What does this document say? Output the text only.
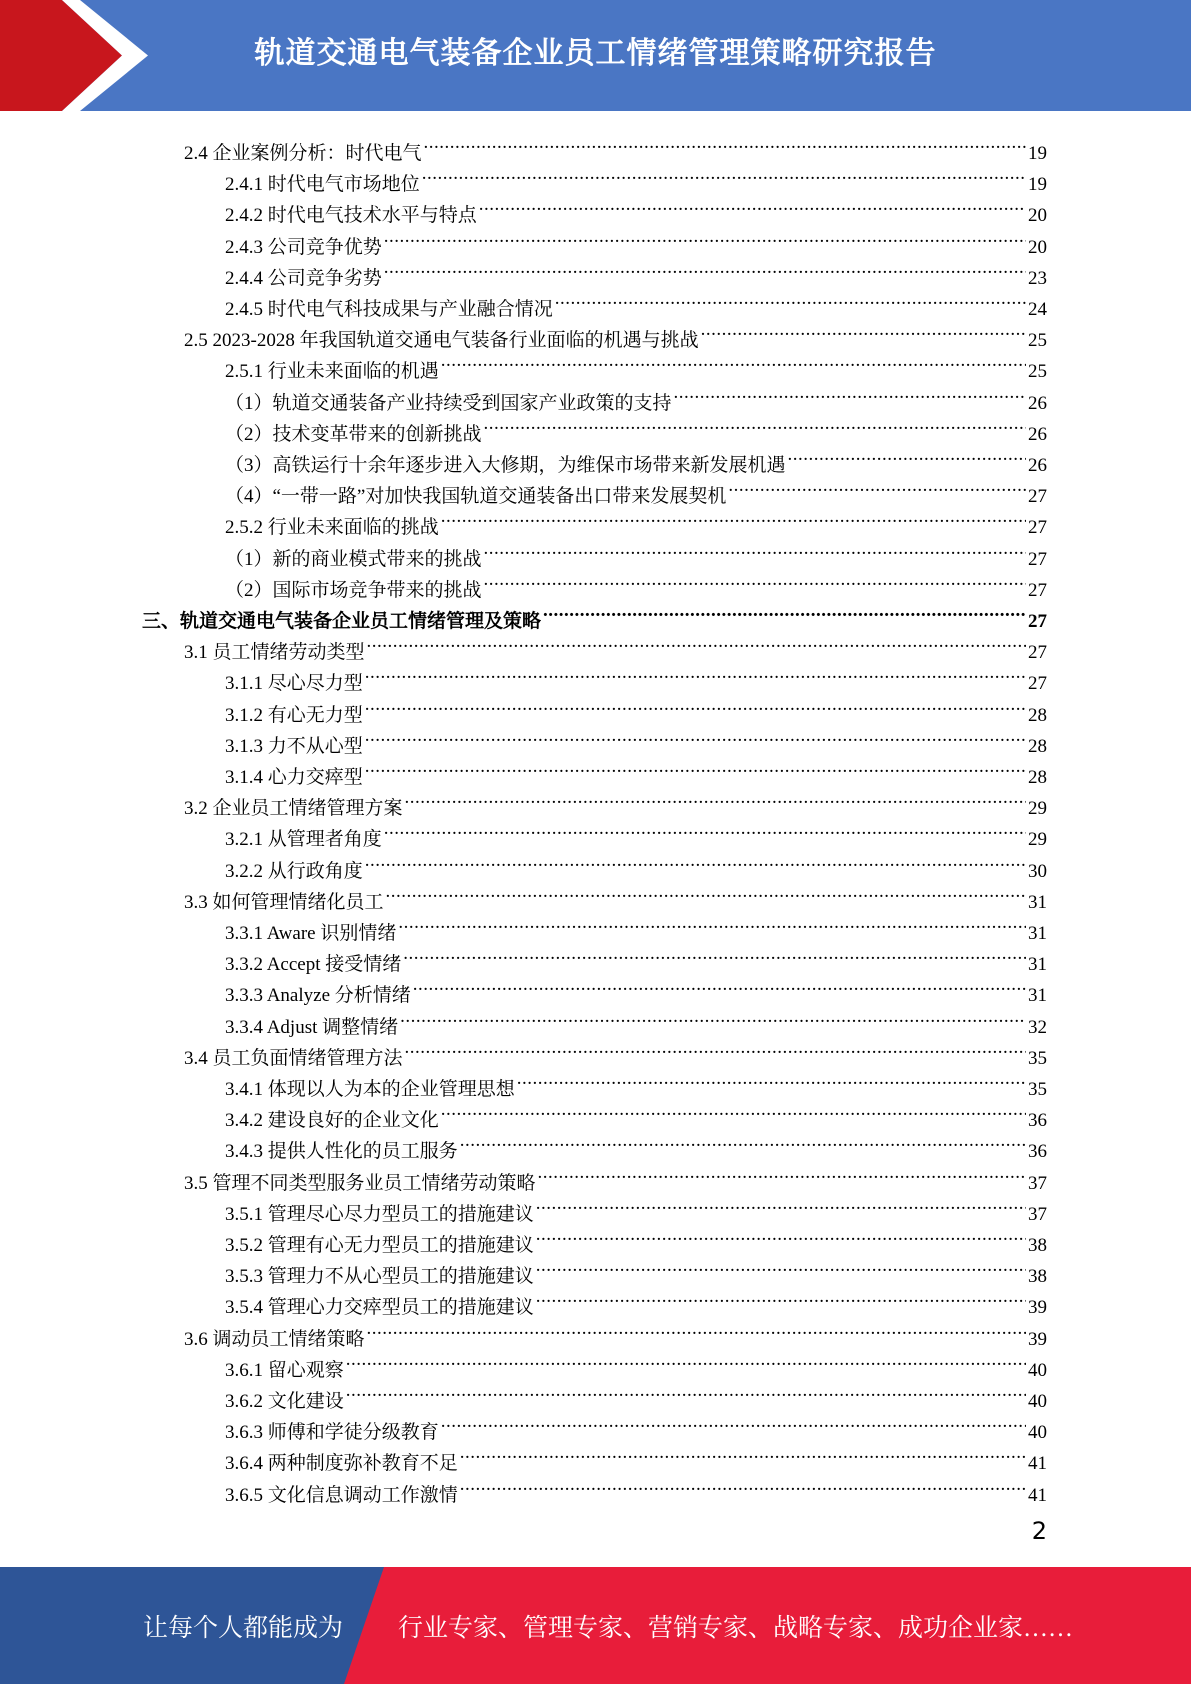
轨道交通电气装备企业员工情绪管理策略研究报告
2.4 企业案例分析：时代电气 .....	19
2.4.1 时代电气市场地位 .....	19
2.4.2 时代电气技术水平与特点 .....	20
2.4.3 公司竞争优势 .....	20
2.4.4 公司竞争劣势 .....	23
2.4.5 时代电气科技成果与产业融合情况 .....	24
2.5 2023-2028 年我国轨道交通电气装备行业面临的机遇与挑战 .....	25
2.5.1 行业未来面临的机遇 .....	25
（1）轨道交通装备产业持续受到国家产业政策的支持 .....	26
（2）技术变革带来的创新挑战 .....	26
（3）高铁运行十余年逐步进入大修期，为维保市场带来新发展机遇 .....	26
（4）“一带一路”对加快我国轨道交通装备出口带来发展契机 .....	27
2.5.2 行业未来面临的挑战 .....	27
（1）新的商业模式带来的挑战 .....	27
（2）国际市场竞争带来的挑战 .....	27
三、轨道交通电气装备企业员工情绪管理及策略 .....	27
3.1 员工情绪劳动类型 .....	27
3.1.1 尽心尽力型 .....	27
3.1.2 有心无力型 .....	28
3.1.3 力不从心型 .....	28
3.1.4 心力交瘁型 .....	28
3.2 企业员工情绪管理方案 .....	29
3.2.1 从管理者角度 .....	29
3.2.2 从行政角度 .....	30
3.3 如何管理情绪化员工 .....	31
3.3.1 Aware 识别情绪 .....	31
3.3.2 Accept 接受情绪 .....	31
3.3.3 Analyze 分析情绪 .....	31
3.3.4 Adjust 调整情绪 .....	32
3.4 员工负面情绪管理方法 .....	35
3.4.1 体现以人为本的企业管理思想 .....	35
3.4.2 建设良好的企业文化 .....	36
3.4.3 提供人性化的员工服务 .....	36
3.5 管理不同类型服务业员工情绪劳动策略 .....	37
3.5.1 管理尽心尽力型员工的措施建议 .....	37
3.5.2 管理有心无力型员工的措施建议 .....	38
3.5.3 管理力不从心型员工的措施建议 .....	38
3.5.4 管理心力交瘁型员工的措施建议 .....	39
3.6 调动员工情绪策略 .....	39
3.6.1 留心观察 .....	40
3.6.2 文化建设 .....	40
3.6.3 师傅和学徒分级教育 .....	40
3.6.4 两种制度弥补教育不足 .....	41
3.6.5 文化信息调动工作激情 .....	41
2
让每个人都能成为 行业专家、管理专家、营销专家、战略专家、成功企业家……
